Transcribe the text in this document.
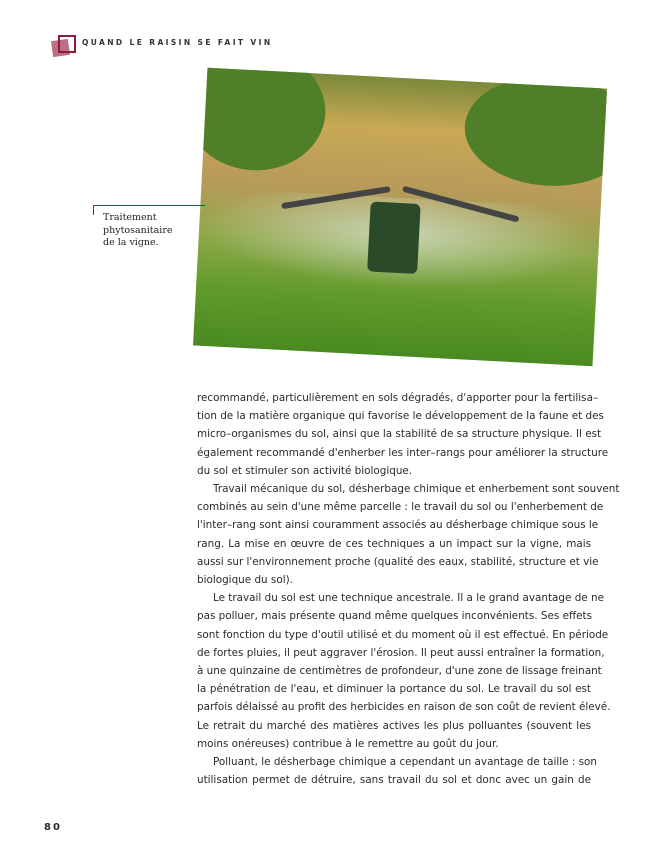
QUAND LE RAISIN SE FAIT VIN
Traitement
phytosanitaire
de la vigne.
recommandé, particulièrement en sols dégradés, d'apporter pour la fertilisa–
tion de la matière organique qui favorise le développement de la faune et des
micro–organismes du sol, ainsi que la stabilité de sa structure physique. Il est
également recommandé d'enherber les inter–rangs pour améliorer la structure
du sol et stimuler son activité biologique.
Travail mécanique du sol, désherbage chimique et enherbement sont souvent
combinés au sein d'une même parcelle : le travail du sol ou l'enherbement de
l'inter–rang sont ainsi couramment associés au désherbage chimique sous le
rang. La mise en œuvre de ces techniques a un impact sur la vigne, mais
aussi sur l'environnement proche (qualité des eaux, stabilité, structure et vie
biologique du sol).
Le travail du sol est une technique ancestrale. Il a le grand avantage de ne
pas polluer, mais présente quand même quelques inconvénients. Ses effets
sont fonction du type d'outil utilisé et du moment où il est effectué. En période
de fortes pluies, il peut aggraver l'érosion. Il peut aussi entraîner la formation,
à une quinzaine de centimètres de profondeur, d'une zone de lissage freinant
la pénétration de l'eau, et diminuer la portance du sol. Le travail du sol est
parfois délaissé au profit des herbicides en raison de son coût de revient élevé.
Le retrait du marché des matières actives les plus polluantes (souvent les
moins onéreuses) contribue à le remettre au goût du jour.
Polluant, le désherbage chimique a cependant un avantage de taille : son
utilisation permet de détruire, sans travail du sol et donc avec un gain de
80
